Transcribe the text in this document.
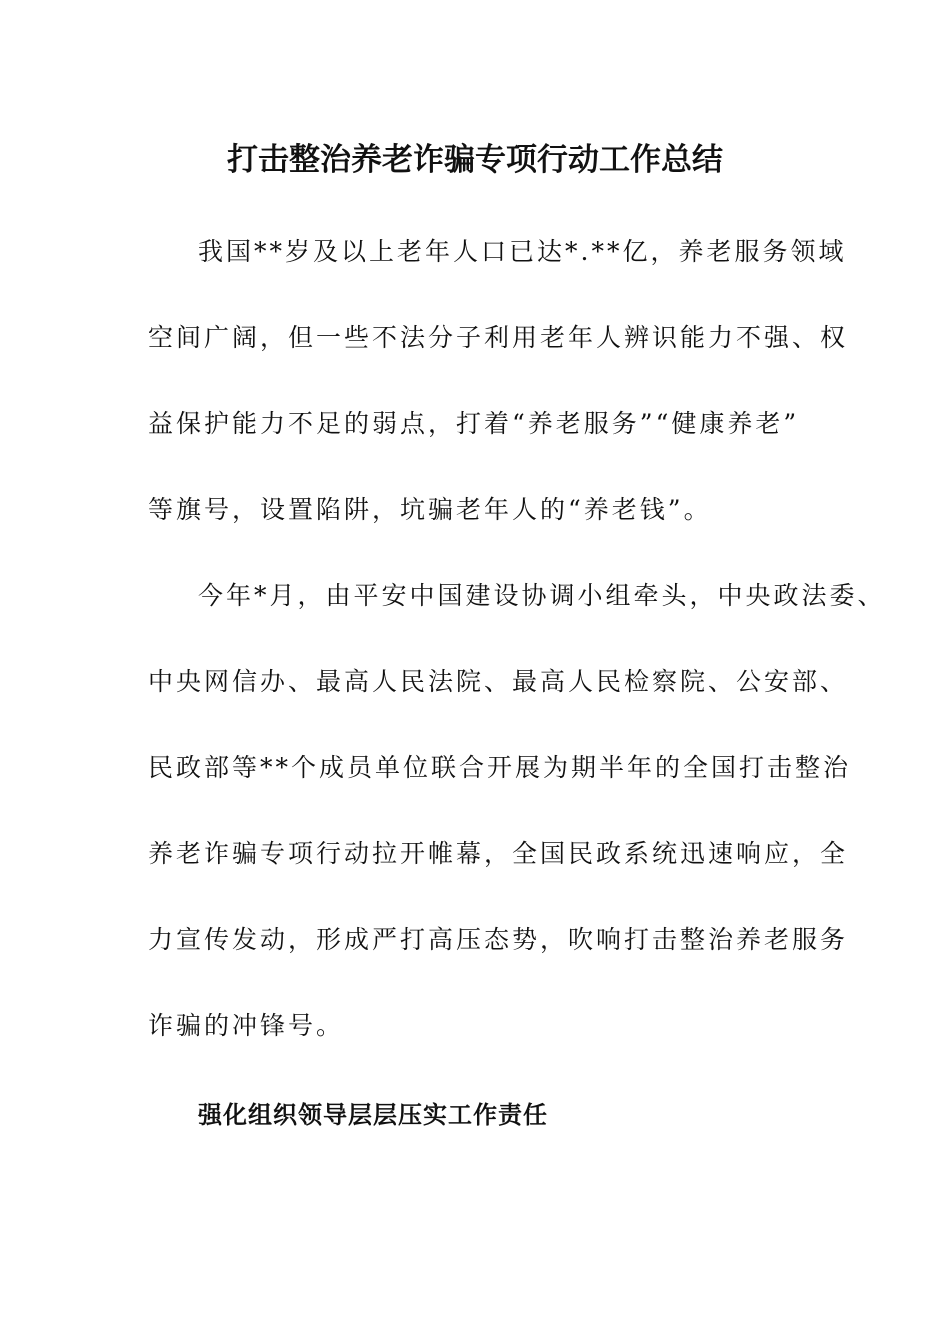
打击整治养老诈骗专项行动工作总结

我国**岁及以上老年人口已达*.**亿，养老服务领域

空间广阔，但一些不法分子利用老年人辨识能力不强、权

益保护能力不足的弱点，打着“养老服务”“健康养老”

等旗号，设置陷阱，坑骗老年人的“养老钱”。

今年*月，由平安中国建设协调小组牵头，中央政法委、

中央网信办、最高人民法院、最高人民检察院、公安部、

民政部等**个成员单位联合开展为期半年的全国打击整治

养老诈骗专项行动拉开帷幕，全国民政系统迅速响应，全

力宣传发动，形成严打高压态势，吹响打击整治养老服务

诈骗的冲锋号。

强化组织领导层层压实工作责任
